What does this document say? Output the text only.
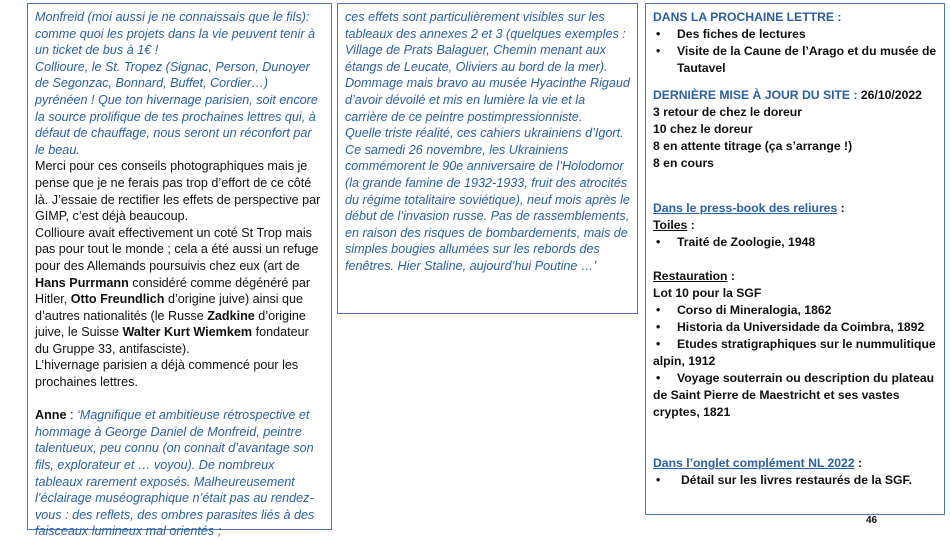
Monfreid (moi aussi je ne connaissais que le fils): comme quoi les projets dans la vie peuvent tenir à un ticket de bus à 1€ !

Collioure, le St. Tropez (Signac, Person, Dunoyer de Segonzac, Bonnard, Buffet, Cordier…) pyrénéen ! Que ton hivernage parisien, soit encore la source prolifique de tes prochaines lettres qui, à défaut de chauffage, nous seront un réconfort par le beau.

Merci pour ces conseils photographiques mais je pense que je ne ferais pas trop d’effort de ce côté là. J’essaie de rectifier les effets de perspective par GIMP, c’est déjà beaucoup.

Collioure avait effectivement un coté St Trop mais pas pour tout le monde ; cela a été aussi un refuge pour des Allemands poursuivis chez eux (art de Hans Purrmann considéré comme dégénéré par Hitler, Otto Freundlich d’origine juive) ainsi que d’autres nationalités (le Russe Zadkine d’origine juive, le Suisse Walter Kurt Wiemkem fondateur du Gruppe 33, antifasciste).

L’hivernage parisien a déjà commencé pour les prochaines lettres.

Anne : ‘Magnifique et ambitieuse rétrospective et hommage à George Daniel de Monfreid, peintre talentueux, peu connu (on connait d’avantage son fils, explorateur et … voyou). De nombreux tableaux rarement exposés. Malheureusement l’éclairage muséographique n’était pas au rendez-vous : des reflets, des ombres parasites liés à des faisceaux lumineux mal orientés ;

ces effets sont particulièrement visibles sur les tableaux des annexes 2 et 3 (quelques exemples : Village de Prats Balaguer, Chemin menant aux étangs de Leucate, Oliviers au bord de la mer). Dommage mais bravo au musée Hyacinthe Rigaud d’avoir dévoilé et mis en lumière la vie et la carrière de ce peintre postimpressionniste.

Quelle triste réalité, ces cahiers ukrainiens d’Igort. Ce samedi 26 novembre, les Ukrainiens commémorent le 90e anniversaire de l’Holodomor (la grande famine de 1932-1933, fruit des atrocités du régime totalitaire soviétique), neuf mois après le début de l’invasion russe. Pas de rassemblements, en raison des risques de bombardements, mais de simples bougies allumées sur les rebords des fenêtres. Hier Staline, aujourd’hui Poutine …’

DANS LA PROCHAINE LETTRE :

• Des fiches de lectures
• Visite de la Caune de l’Arago et du musée de Tautavel

DERNIÈRE MISE À JOUR DU SITE : 26/10/2022

3 retour de chez le doreur

10 chez le doreur

8 en attente titrage (ça s’arrange !)

8 en cours

Dans le press-book des reliures :

Toiles :

• Traité de Zoologie, 1948

Restauration :

Lot 10 pour la SGF

• Corso di Mineralogia, 1862
• Historia da Universidade da Coimbra, 1892
• Etudes stratigraphiques sur le nummulitique alpin, 1912
• Voyage souterrain ou description du plateau de Saint Pierre de Maestricht et ses vastes cryptes, 1821

Dans l’onglet complément NL 2022 :

• Détail sur les livres restaurés de la SGF.
46
